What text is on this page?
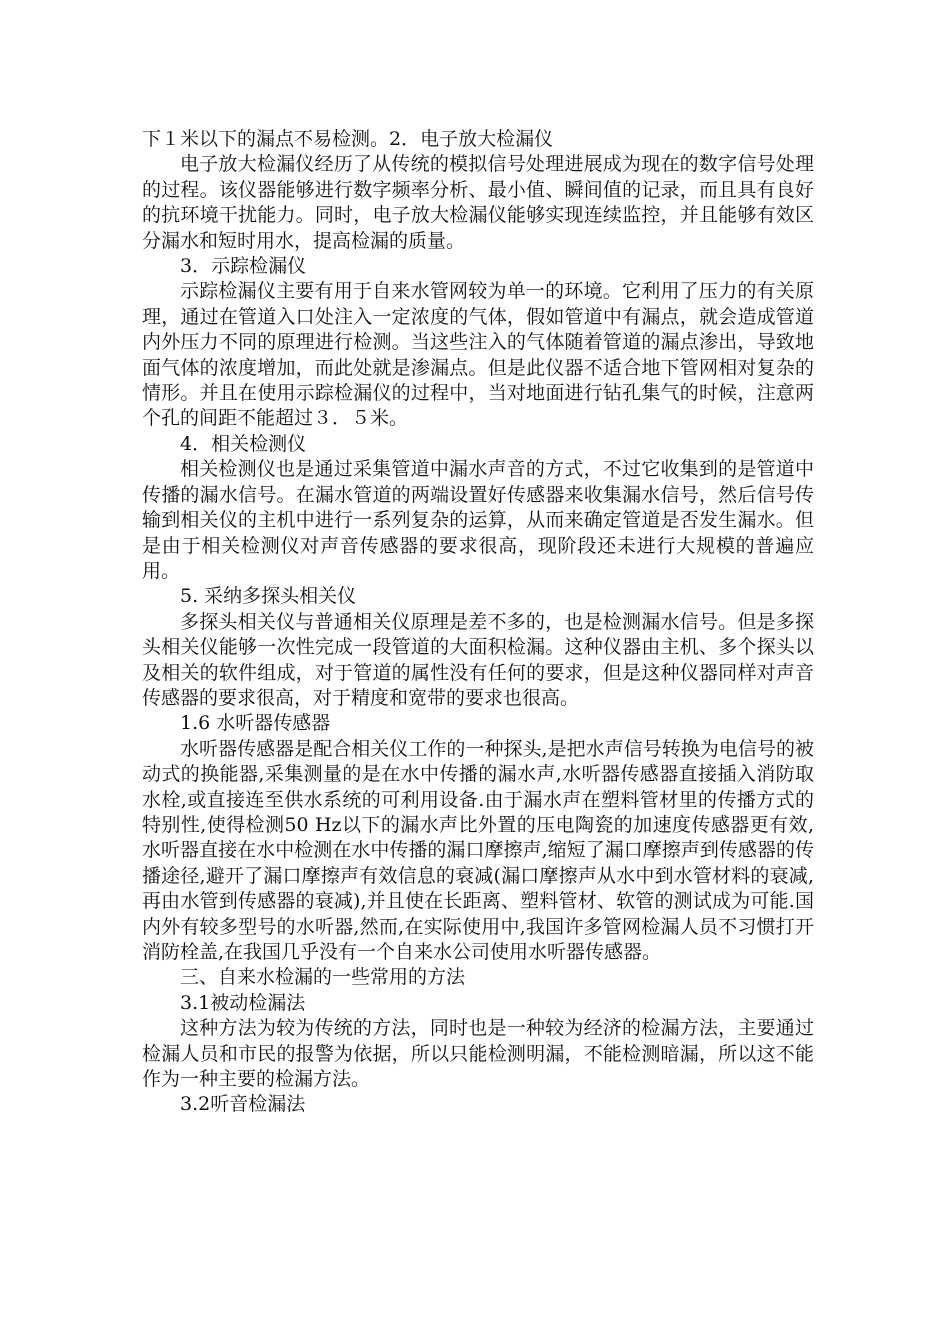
下１米以下的漏点不易检测。2．电子放大检漏仪

电子放大检漏仪经历了从传统的模拟信号处理进展成为现在的数字信号处理的过程。该仪器能够进行数字频率分析、最小值、瞬间值的记录，而且具有良好的抗环境干扰能力。同时，电子放大检漏仪能够实现连续监控，并且能够有效区分漏水和短时用水，提高检漏的质量。

3．示踪检漏仪

示踪检漏仪主要有用于自来水管网较为单一的环境。它利用了压力的有关原理，通过在管道入口处注入一定浓度的气体，假如管道中有漏点，就会造成管道内外压力不同的原理进行检测。当这些注入的气体随着管道的漏点渗出，导致地面气体的浓度增加，而此处就是渗漏点。但是此仪器不适合地下管网相对复杂的情形。并且在使用示踪检漏仪的过程中，当对地面进行钻孔集气的时候，注意两个孔的间距不能超过３．５米。

4．相关检测仪

相关检测仪也是通过采集管道中漏水声音的方式，不过它收集到的是管道中传播的漏水信号。在漏水管道的两端设置好传感器来收集漏水信号，然后信号传输到相关仪的主机中进行一系列复杂的运算，从而来确定管道是否发生漏水。但是由于相关检测仪对声音传感器的要求很高，现阶段还未进行大规模的普遍应用。

5. 采纳多探头相关仪

多探头相关仪与普通相关仪原理是差不多的，也是检测漏水信号。但是多探头相关仪能够一次性完成一段管道的大面积检漏。这种仪器由主机、多个探头以及相关的软件组成，对于管道的属性没有任何的要求，但是这种仪器同样对声音传感器的要求很高，对于精度和宽带的要求也很高。

1.6 水听器传感器

水听器传感器是配合相关仪工作的一种探头,是把水声信号转换为电信号的被动式的换能器,采集测量的是在水中传播的漏水声,水听器传感器直接插入消防取水栓,或直接连至供水系统的可利用设备.由于漏水声在塑料管材里的传播方式的特别性,使得检测50 Hz以下的漏水声比外置的压电陶瓷的加速度传感器更有效,水听器直接在水中检测在水中传播的漏口摩擦声,缩短了漏口摩擦声到传感器的传播途径,避开了漏口摩擦声有效信息的衰减(漏口摩擦声从水中到水管材料的衰减,再由水管到传感器的衰减),并且使在长距离、塑料管材、软管的测试成为可能.国内外有较多型号的水听器,然而,在实际使用中,我国许多管网检漏人员不习惯打开消防栓盖,在我国几乎没有一个自来水公司使用水听器传感器。

三、自来水检漏的一些常用的方法

3.1被动检漏法

这种方法为较为传统的方法，同时也是一种较为经济的检漏方法，主要通过检漏人员和市民的报警为依据，所以只能检测明漏，不能检测暗漏，所以这不能作为一种主要的检漏方法。

3.2听音检漏法
